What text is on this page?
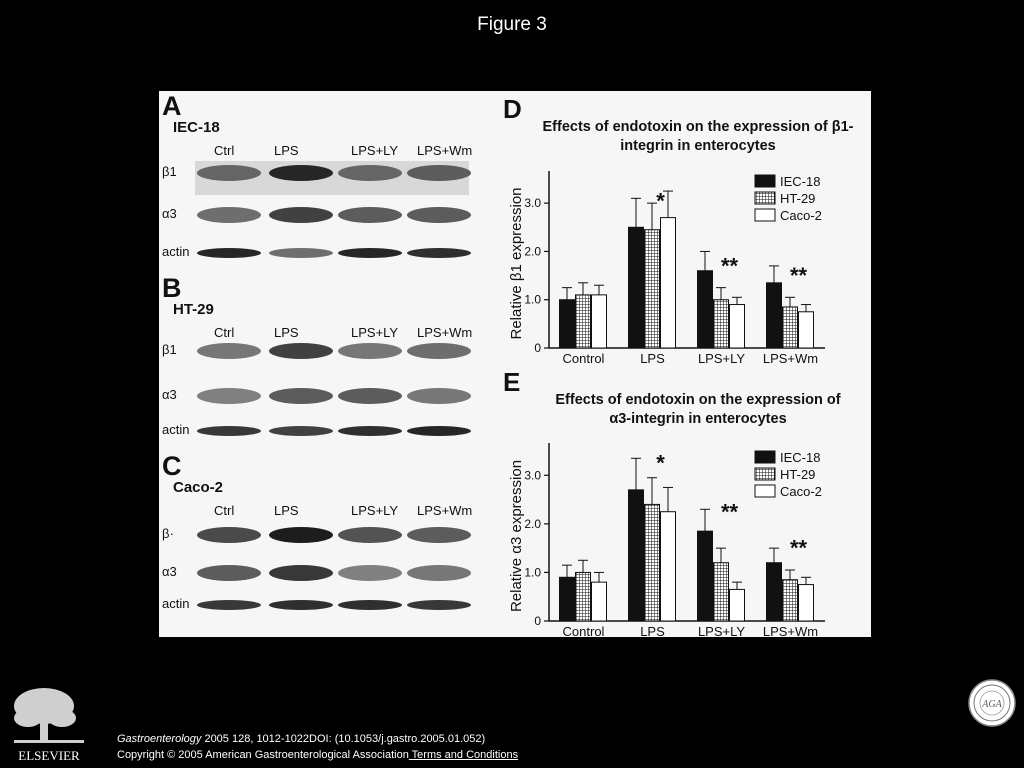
Figure 3
A
IEC-18
Ctrl	LPS	LPS+LY LPS+Wm
β1
α3
actin
B
HT-29
Ctrl	LPS	LPS+LY LPS+Wm
β1
α3
actin
C
Caco-2
Ctrl	LPS	LPS+LY LPS+Wm
β·
α3
actin
D
Effects of endotoxin on the expression of β1-
integrin in enterocytes
0
1.0
2.0
3.0
Relative β1 expression
Control	LPS	LPS+LY LPS+Wm
*
** **
IEC-18
HT-29
Caco-2
E
Effects of endotoxin on the expression of
α3-integrin in enterocytes
0
1.0
2.0
3.0
Relative α3 expression
Control	LPS	LPS+LY LPS+Wm
*
**
**
IEC-18
HT-29
Caco-2
ELSEVIER
AGA
Gastroenterology 2005 128, 1012-1022DOI: (10.1053/j.gastro.2005.01.052)
Copyright © 2005 American Gastroenterological Association Terms and Conditions
